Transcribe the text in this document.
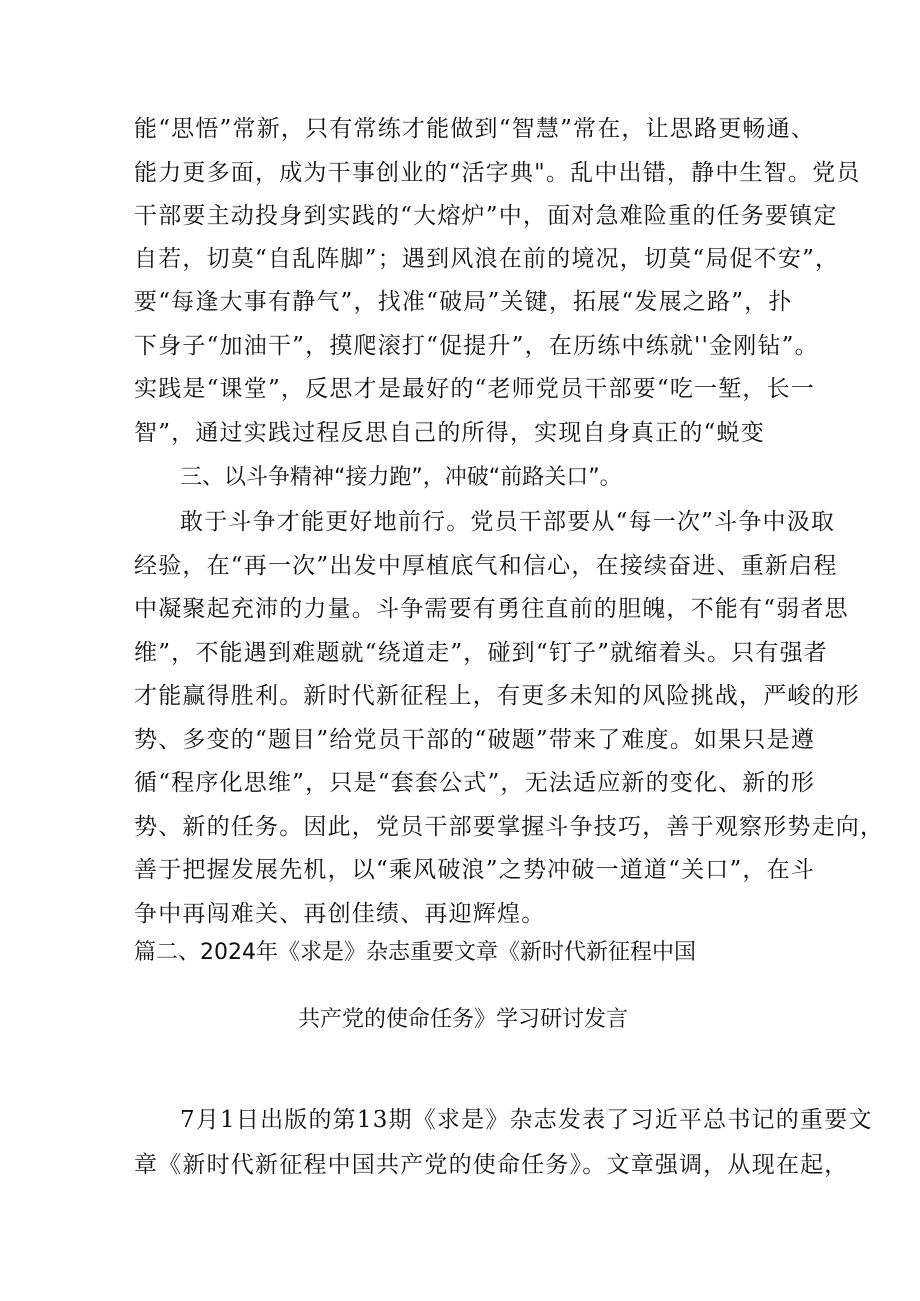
能“思悟”常新，只有常练才能做到“智慧”常在，让思路更畅通、
能力更多面，成为干事创业的“活字典"。乱中出错，静中生智。党员
干部要主动投身到实践的“大熔炉”中，面对急难险重的任务要镇定
自若，切莫“自乱阵脚”；遇到风浪在前的境况，切莫“局促不安”，
要“每逢大事有静气”，找准“破局”关键，拓展“发展之路”，扑
下身子“加油干”，摸爬滚打“促提升”，在历练中练就''金刚钻”。
实践是“课堂”，反思才是最好的“老师党员干部要“吃一堑，长一
智”，通过实践过程反思自己的所得，实现自身真正的“蜕变
三、以斗争精神“接力跑”，冲破“前路关口”。
敢于斗争才能更好地前行。党员干部要从“每一次”斗争中汲取
经验，在“再一次”出发中厚植底气和信心，在接续奋进、重新启程
中凝聚起充沛的力量。斗争需要有勇往直前的胆魄，不能有“弱者思
维”，不能遇到难题就“绕道走”，碰到“钉子”就缩着头。只有强者
才能赢得胜利。新时代新征程上，有更多未知的风险挑战，严峻的形
势、多变的“题目”给党员干部的“破题”带来了难度。如果只是遵
循“程序化思维”，只是“套套公式”，无法适应新的变化、新的形
势、新的任务。因此，党员干部要掌握斗争技巧，善于观察形势走向，
善于把握发展先机，以“乘风破浪”之势冲破一道道“关口”，在斗
争中再闯难关、再创佳绩、再迎辉煌。
篇二、2024年《求是》杂志重要文章《新时代新征程中国
共产党的使命任务》学习研讨发言
7月1日出版的第13期《求是》杂志发表了习近平总书记的重要文
章《新时代新征程中国共产党的使命任务》。文章强调，从现在起，
